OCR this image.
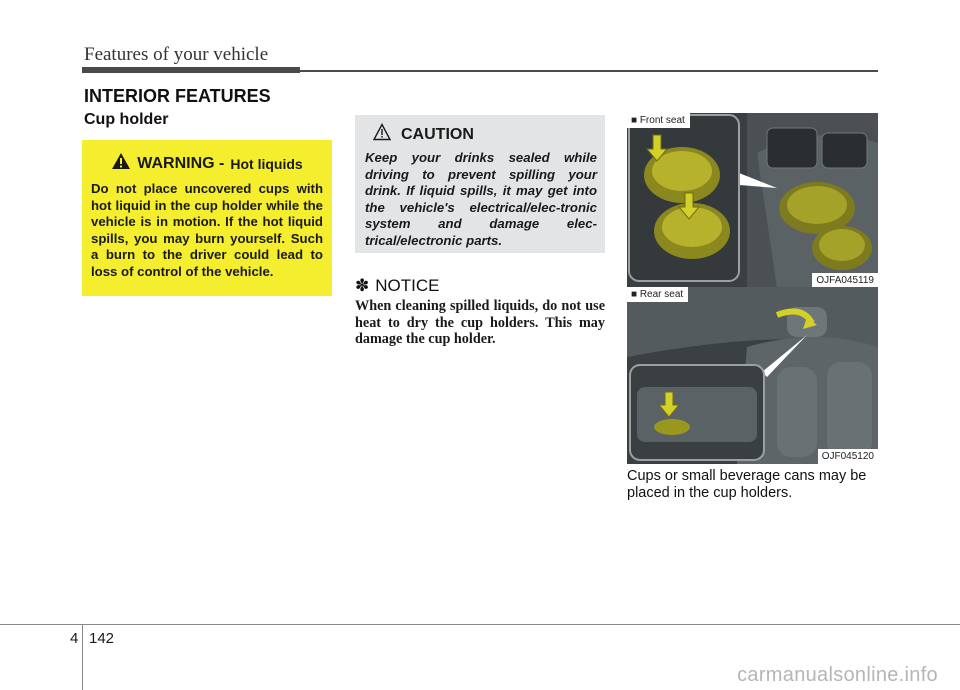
Features of your vehicle
INTERIOR FEATURES
Cup holder
WARNING - Hot liquids
Do not place uncovered cups with hot liquid in the cup holder while the vehicle is in motion. If the hot liquid spills, you may burn yourself. Such a burn to the driver could lead to loss of control of the vehicle.
CAUTION
Keep your drinks sealed while driving to prevent spilling your drink. If liquid spills, it may get into the vehicle's electrical/elec-tronic system and damage elec-trical/electronic parts.
✽ NOTICE
When cleaning spilled liquids, do not use heat to dry the cup holders. This may damage the cup holder.
■ Front seat
OJFA045119
■ Rear seat
OJF045120
Cups or small beverage cans may be placed in the cup holders.
4 142
carmanualsonline.info
